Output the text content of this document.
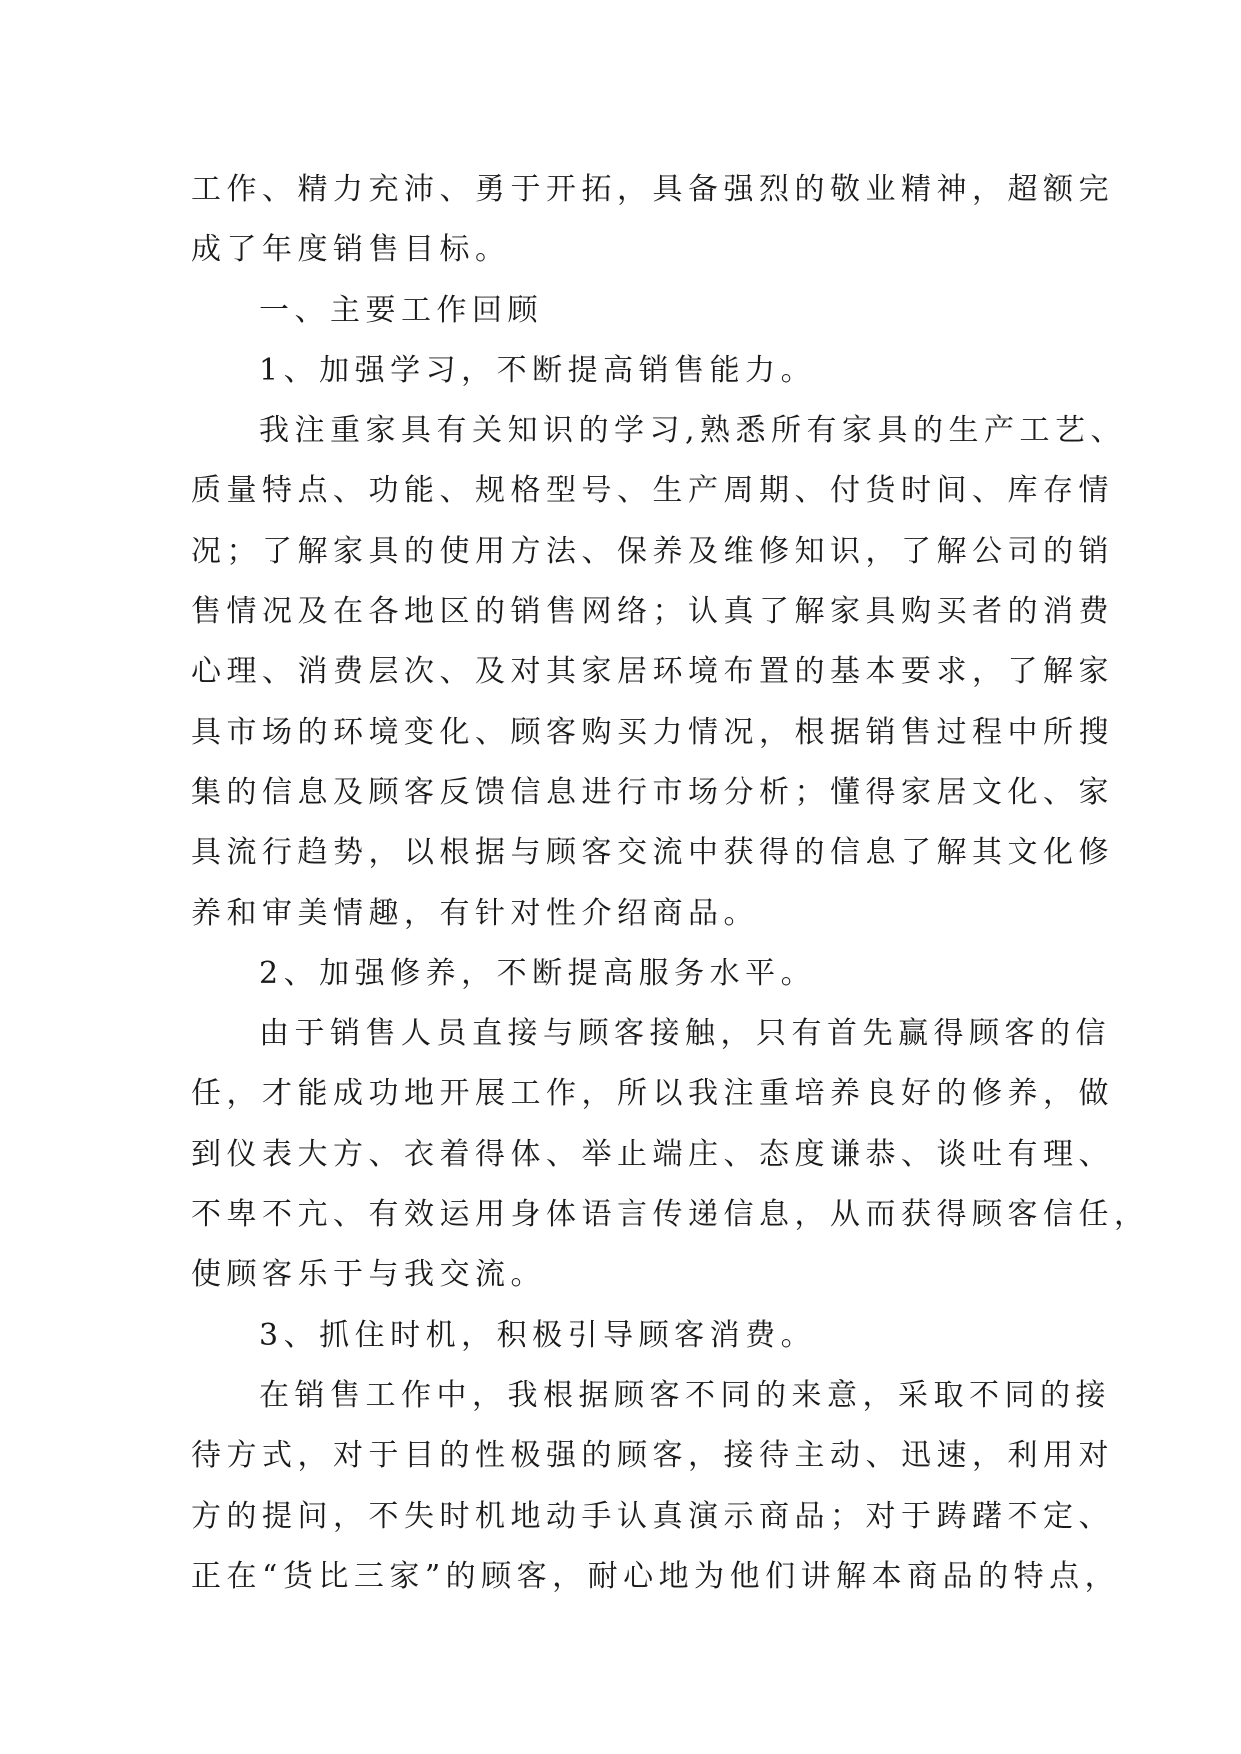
工作、精力充沛、勇于开拓，具备强烈的敬业精神，超额完
成了年度销售目标。
一、主要工作回顾
1、加强学习，不断提高销售能力。
我注重家具有关知识的学习,熟悉所有家具的生产工艺、
质量特点、功能、规格型号、生产周期、付货时间、库存情
况；了解家具的使用方法、保养及维修知识，了解公司的销
售情况及在各地区的销售网络；认真了解家具购买者的消费
心理、消费层次、及对其家居环境布置的基本要求，了解家
具市场的环境变化、顾客购买力情况，根据销售过程中所搜
集的信息及顾客反馈信息进行市场分析；懂得家居文化、家
具流行趋势，以根据与顾客交流中获得的信息了解其文化修
养和审美情趣，有针对性介绍商品。
2、加强修养，不断提高服务水平。
由于销售人员直接与顾客接触，只有首先赢得顾客的信
任，才能成功地开展工作，所以我注重培养良好的修养，做
到仪表大方、衣着得体、举止端庄、态度谦恭、谈吐有理、
不卑不亢、有效运用身体语言传递信息，从而获得顾客信任，
使顾客乐于与我交流。
3、抓住时机，积极引导顾客消费。
在销售工作中，我根据顾客不同的来意，采取不同的接
待方式，对于目的性极强的顾客，接待主动、迅速，利用对
方的提问，不失时机地动手认真演示商品；对于踌躇不定、
正在“货比三家”的顾客，耐心地为他们讲解本商品的特点，
